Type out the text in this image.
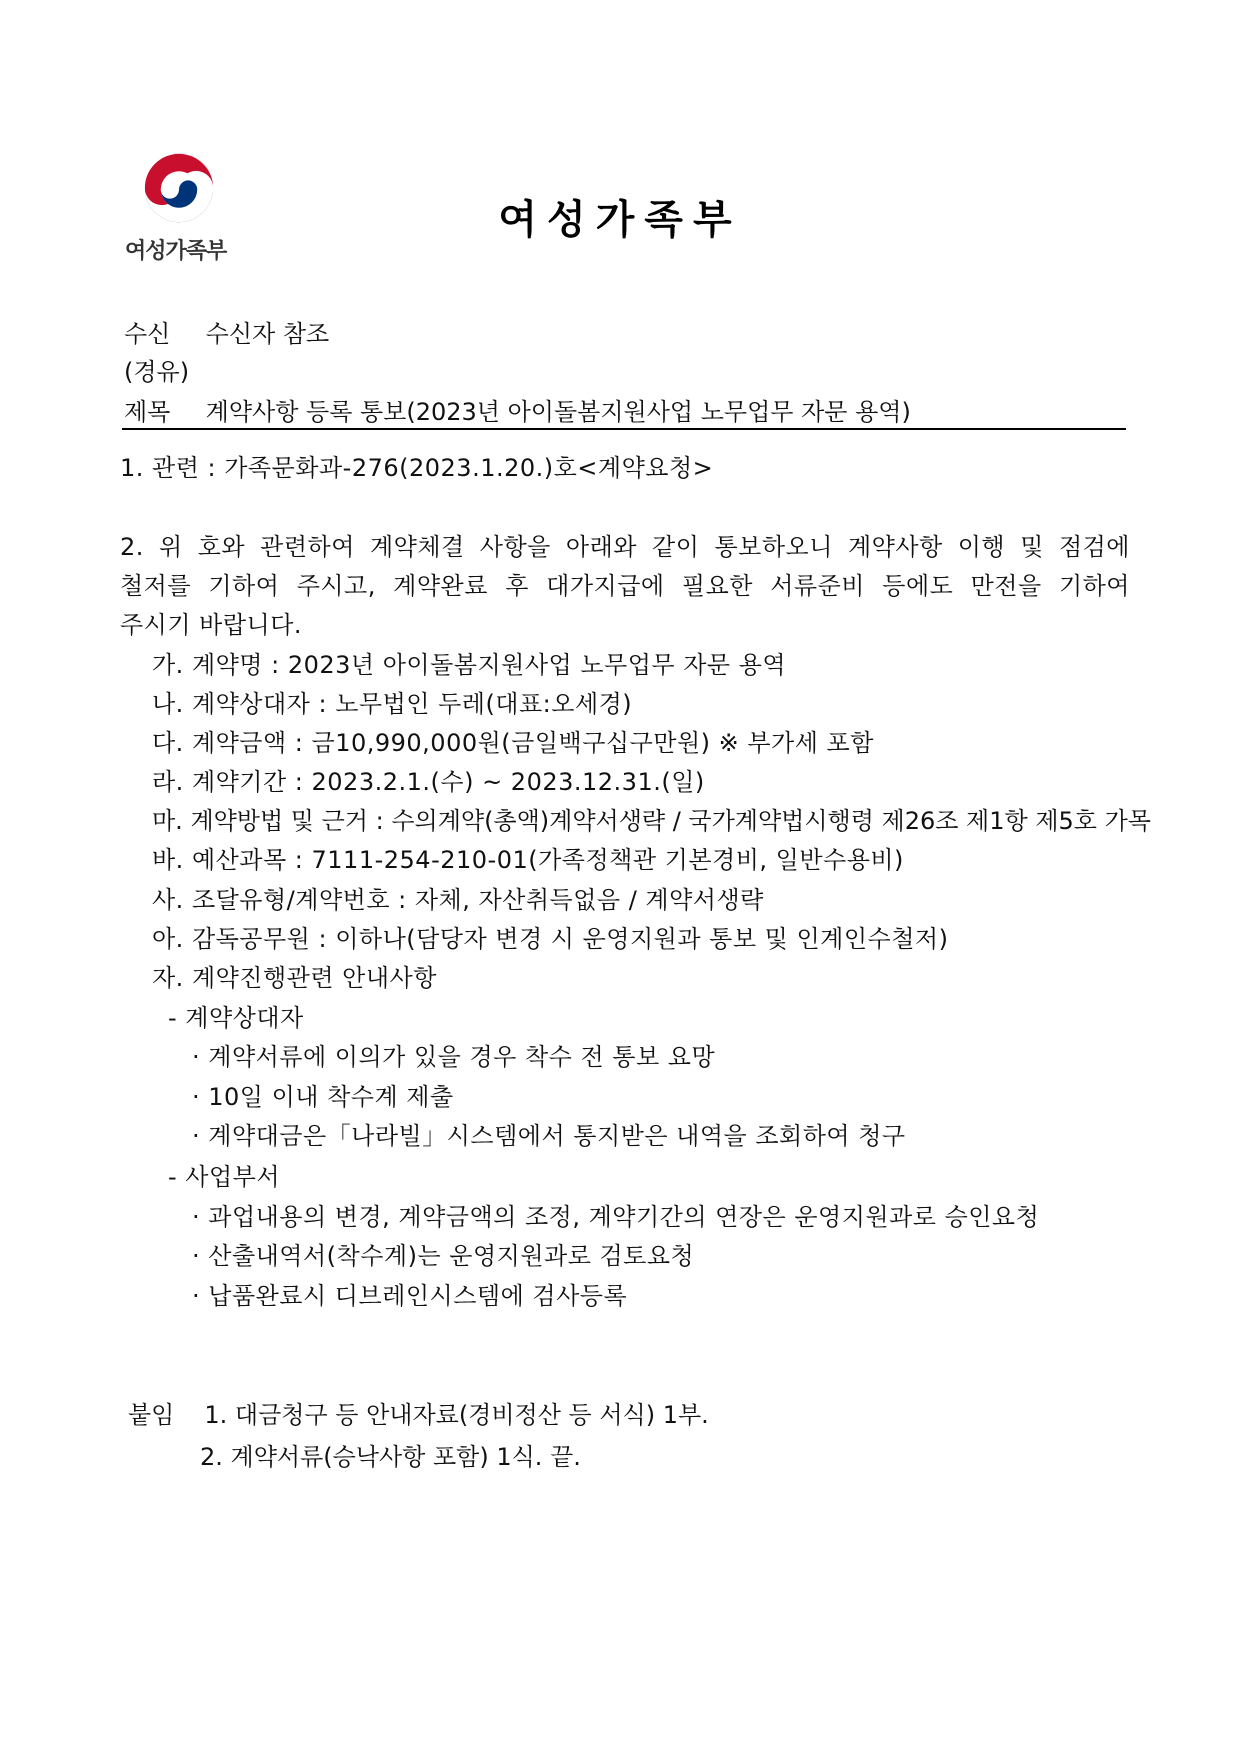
여성가족부
여성가족부
수신 수신자 참조
(경유)
제목 계약사항 등록 통보(2023년 아이돌봄지원사업 노무업무 자문 용역)
1. 관련 : 가족문화과-276(2023.1.20.)호<계약요청>
2. 위 호와 관련하여 계약체결 사항을 아래와 같이 통보하오니 계약사항 이행 및 점검에
철저를 기하여 주시고, 계약완료 후 대가지급에 필요한 서류준비 등에도 만전을 기하여
주시기 바랍니다.
가. 계약명 : 2023년 아이돌봄지원사업 노무업무 자문 용역
나. 계약상대자 : 노무법인 두레(대표:오세경)
다. 계약금액 : 금10,990,000원(금일백구십구만원) ※ 부가세 포함
라. 계약기간 : 2023.2.1.(수) ~ 2023.12.31.(일)
마. 계약방법 및 근거 : 수의계약(총액)계약서생략 / 국가계약법시행령 제26조 제1항 제5호 가목
바. 예산과목 : 7111-254-210-01(가족정책관 기본경비, 일반수용비)
사. 조달유형/계약번호 : 자체, 자산취득없음 / 계약서생략
아. 감독공무원 : 이하나(담당자 변경 시 운영지원과 통보 및 인계인수철저)
자. 계약진행관련 안내사항
- 계약상대자
· 계약서류에 이의가 있을 경우 착수 전 통보 요망
· 10일 이내 착수계 제출
· 계약대금은「나라빌」시스템에서 통지받은 내역을 조회하여 청구
- 사업부서
· 과업내용의 변경, 계약금액의 조정, 계약기간의 연장은 운영지원과로 승인요청
· 산출내역서(착수계)는 운영지원과로 검토요청
· 납품완료시 디브레인시스템에 검사등록
붙임 1. 대금청구 등 안내자료(경비정산 등 서식) 1부.
2. 계약서류(승낙사항 포함) 1식. 끝.
